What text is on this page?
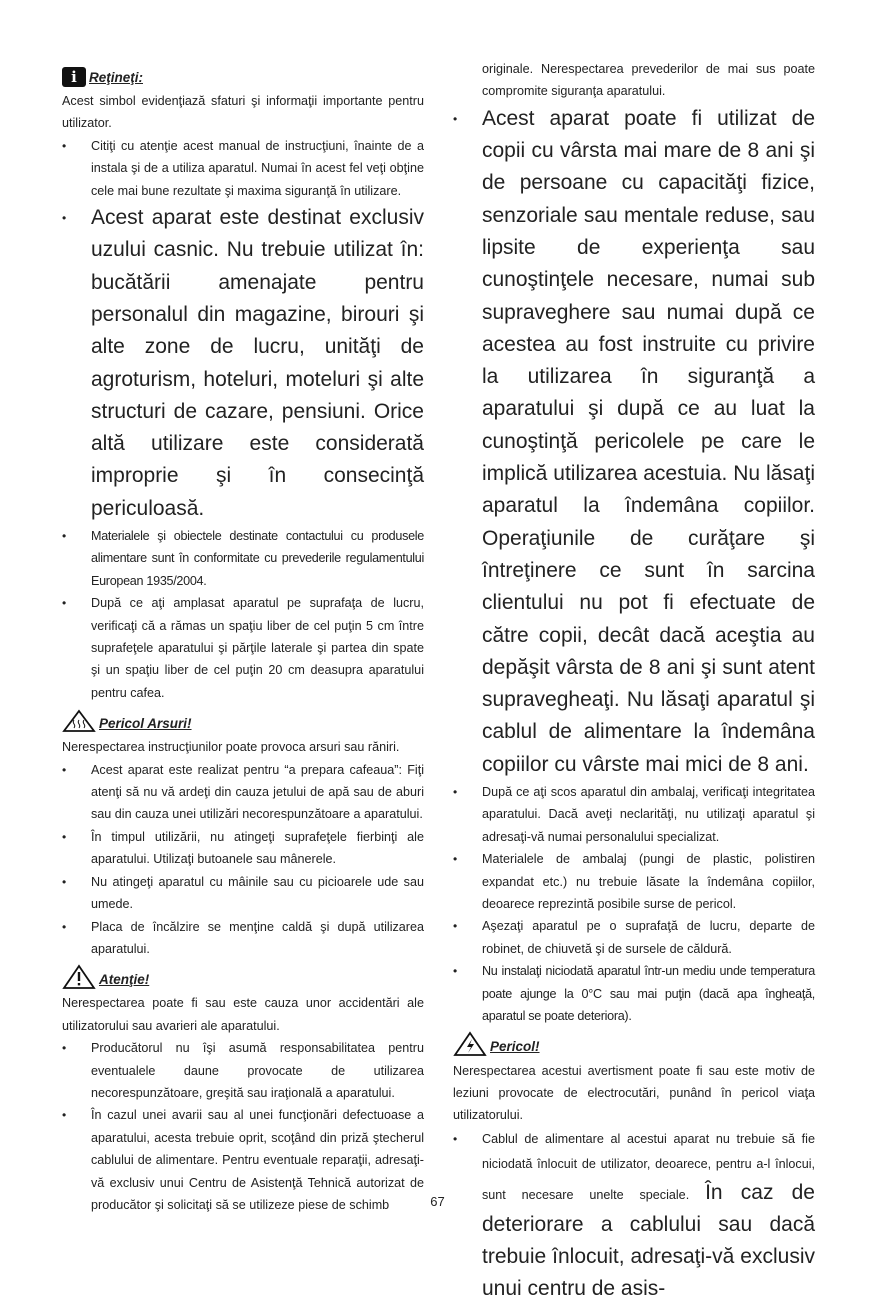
i Reţineţi:

Acest simbol evidenţiază sfaturi şi informaţii importante pentru utilizator.

• Citiţi cu atenţie acest manual de instrucţiuni, înainte de a instala şi de a utiliza aparatul. Numai în acest fel veţi obţine cele mai bune rezultate şi maxima siguranţă în utilizare.
• Acest aparat este destinat exclusiv uzului casnic. Nu trebuie utilizat în: bucătării amenajate pentru personalul din magazine, birouri şi alte zone de lucru, unităţi de agroturism, hoteluri, moteluri şi alte structuri de cazare, pensiuni. Orice altă utilizare este considerată improprie şi în consecinţă periculoasă.
• Materialele şi obiectele destinate contactului cu produsele alimentare sunt în conformitate cu prevederile regulamentului European 1935/2004.
• După ce aţi amplasat aparatul pe suprafaţa de lucru, verificaţi că a rămas un spaţiu liber de cel puţin 5 cm între suprafeţele aparatului şi părţile laterale şi partea din spate şi un spaţiu liber de cel puţin 20 cm deasupra aparatului pentru cafea.
Pericol Arsuri!

Nerespectarea instrucţiunilor poate provoca arsuri sau răniri.

• Acest aparat este realizat pentru “a prepara cafeaua”: Fiţi atenţi să nu vă ardeţi din cauza jetului de apă sau de aburi sau din cauza unei utilizări necorespunzătoare a aparatului.
• În timpul utilizării, nu atingeţi suprafeţele fierbinţi ale aparatului. Utilizaţi butoanele sau mânerele.
• Nu atingeţi aparatul cu mâinile sau cu picioarele ude sau umede.
• Placa de încălzire se menţine caldă şi după utilizarea aparatului.
Atenţie!

Nerespectarea poate fi sau este cauza unor accidentări ale utilizatorului sau avarieri ale aparatului.

• Producătorul nu îşi asumă responsabilitatea pentru eventualele daune provocate de utilizarea necorespunzătoare, greşită sau iraţională a aparatului.
• În cazul unei avarii sau al unei funcţionări defectuoase a aparatului, acesta trebuie oprit, scoţând din priză ştecherul cablului de alimentare. Pentru eventuale reparaţii, adresaţi-vă exclusiv unui Centru de Asistenţă Tehnică autorizat de producător şi solicitaţi să se utilizeze piese de schimb

originale. Nerespectarea prevederilor de mai sus poate compromite siguranţa aparatului.

• Acest aparat poate fi utilizat de copii cu vârsta mai mare de 8 ani şi de persoane cu capacităţi fizice, senzoriale sau mentale reduse, sau lipsite de experienţa sau cunoştinţele necesare, numai sub supraveghere sau numai după ce acestea au fost instruite cu privire la utilizarea în siguranţă a aparatului şi după ce au luat la cunoştinţă pericolele pe care le implică utilizarea acestuia. Nu lăsaţi aparatul la îndemâna copiilor. Operaţiunile de curăţare şi întreţinere ce sunt în sarcina clientului nu pot fi efectuate de către copii, decât dacă aceştia au depăşit vârsta de 8 ani şi sunt atent supravegheaţi. Nu lăsaţi aparatul şi cablul de alimentare la îndemâna copiilor cu vârste mai mici de 8 ani.
• După ce aţi scos aparatul din ambalaj, verificaţi integritatea aparatului. Dacă aveţi neclarităţi, nu utilizaţi aparatul şi adresaţi-vă numai personalului specializat.
• Materialele de ambalaj (pungi de plastic, polistiren expandat etc.) nu trebuie lăsate la îndemâna copiilor, deoarece reprezintă posibile surse de pericol.
• Aşezaţi aparatul pe o suprafaţă de lucru, departe de robinet, de chiuvetă şi de sursele de căldură.
• Nu instalaţi niciodată aparatul într-un mediu unde temperatura poate ajunge la 0°C sau mai puţin (dacă apa îngheaţă, aparatul se poate deteriora).
Pericol!

Nerespectarea acestui avertisment poate fi sau este motiv de leziuni provocate de electrocutări, punând în pericol viaţa utilizatorului.

• Cablul de alimentare al acestui aparat nu trebuie să fie niciodată înlocuit de utilizator, deoarece, pentru a-l înlocui, sunt necesare unelte speciale. În caz de deteriorare a cablului sau dacă trebuie înlocuit, adresaţi-vă exclusiv unui centru de asis-
67
